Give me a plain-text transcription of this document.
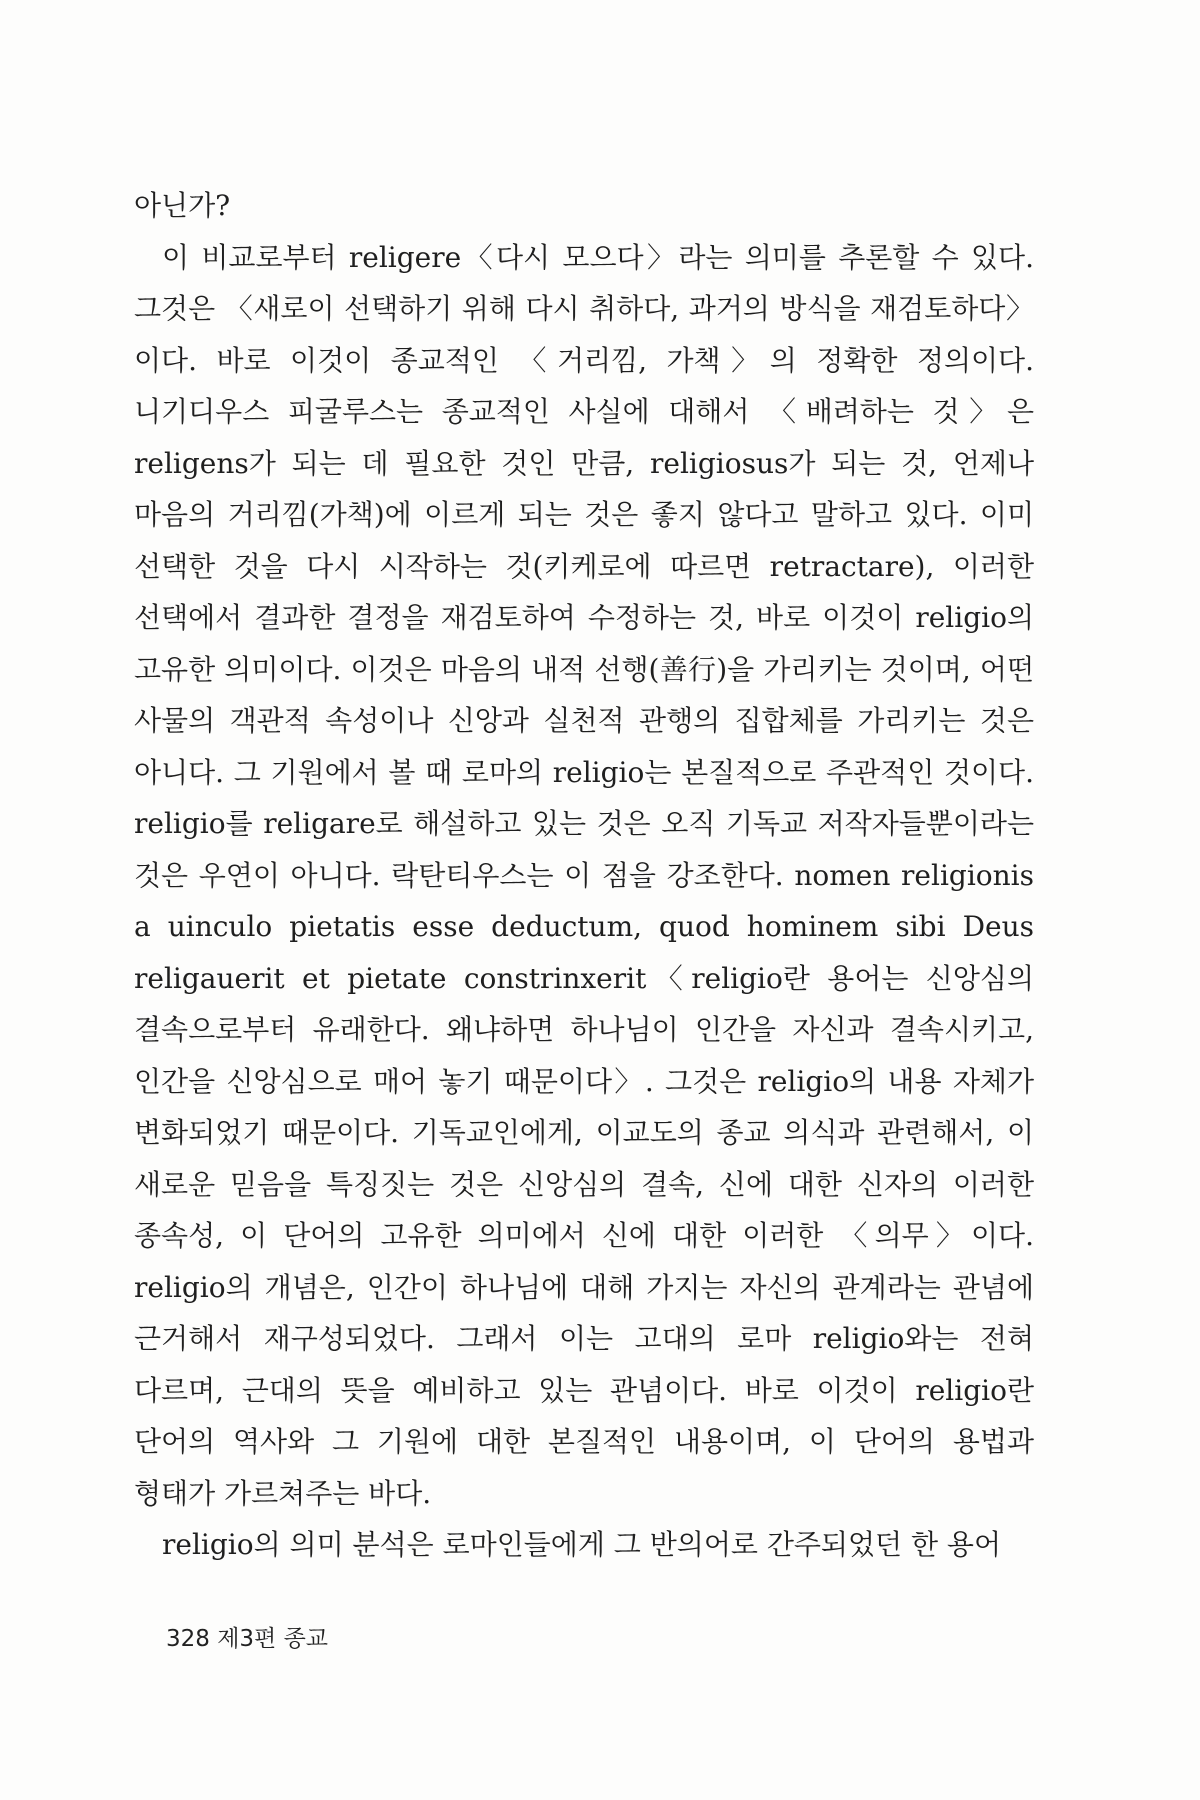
아닌가?

이 비교로부터 religere〈다시 모으다〉라는 의미를 추론할 수 있다. 그것은 〈새로이 선택하기 위해 다시 취하다, 과거의 방식을 재검토하다〉이다. 바로 이것이 종교적인 〈거리낌, 가책〉의 정확한 정의이다. 니기디우스 피굴루스는 종교적인 사실에 대해서 〈배려하는 것〉은 religens가 되는 데 필요한 것인 만큼, religiosus가 되는 것, 언제나 마음의 거리낌(가책)에 이르게 되는 것은 좋지 않다고 말하고 있다. 이미 선택한 것을 다시 시작하는 것(키케로에 따르면 retractare), 이러한 선택에서 결과한 결정을 재검토하여 수정하는 것, 바로 이것이 religio의 고유한 의미이다. 이것은 마음의 내적 선행(善行)을 가리키는 것이며, 어떤 사물의 객관적 속성이나 신앙과 실천적 관행의 집합체를 가리키는 것은 아니다. 그 기원에서 볼 때 로마의 religio는 본질적으로 주관적인 것이다. religio를 religare로 해설하고 있는 것은 오직 기독교 저작자들뿐이라는 것은 우연이 아니다. 락탄티우스는 이 점을 강조한다. nomen religionis a uinculo pietatis esse deductum, quod hominem sibi Deus religauerit et pietate constrinxerit〈religio란 용어는 신앙심의 결속으로부터 유래한다. 왜냐하면 하나님이 인간을 자신과 결속시키고, 인간을 신앙심으로 매어 놓기 때문이다〉. 그것은 religio의 내용 자체가 변화되었기 때문이다. 기독교인에게, 이교도의 종교 의식과 관련해서, 이 새로운 믿음을 특징짓는 것은 신앙심의 결속, 신에 대한 신자의 이러한 종속성, 이 단어의 고유한 의미에서 신에 대한 이러한 〈의무〉이다. religio의 개념은, 인간이 하나님에 대해 가지는 자신의 관계라는 관념에 근거해서 재구성되었다. 그래서 이는 고대의 로마 religio와는 전혀 다르며, 근대의 뜻을 예비하고 있는 관념이다. 바로 이것이 religio란 단어의 역사와 그 기원에 대한 본질적인 내용이며, 이 단어의 용법과 형태가 가르쳐주는 바다.

religio의 의미 분석은 로마인들에게 그 반의어로 간주되었던 한 용어

328 제3편 종교
